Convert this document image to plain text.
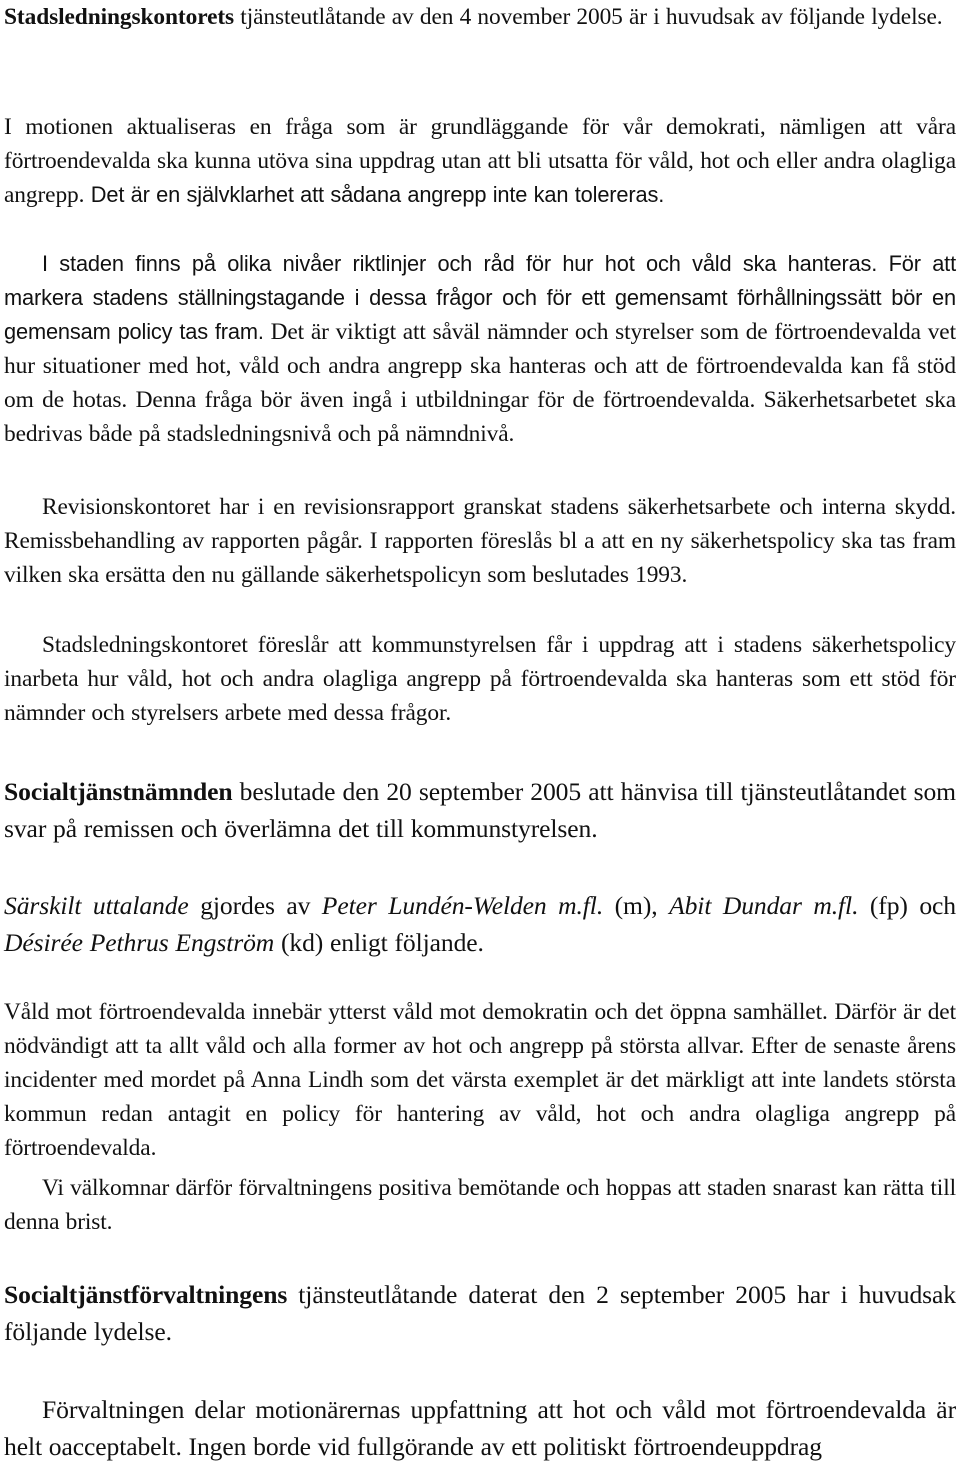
Stadsledningskontorets tjänsteutlåtande av den 4 november 2005 är i huvudsak av följande lydelse.

I motionen aktualiseras en fråga som är grundläggande för vår demokrati, nämligen att våra förtroendevalda ska kunna utöva sina uppdrag utan att bli utsatta för våld, hot och eller andra olagliga angrepp. Det är en självklarhet att sådana angrepp inte kan tolereras.

I staden finns på olika nivåer riktlinjer och råd för hur hot och våld ska hanteras. För att markera stadens ställningstagande i dessa frågor och för ett gemensamt förhållningssätt bör en gemensam policy tas fram. Det är viktigt att såväl nämnder och styrelser som de förtroendevalda vet hur situationer med hot, våld och andra angrepp ska hanteras och att de förtroendevalda kan få stöd om de hotas. Denna fråga bör även ingå i utbildningar för de förtroendevalda. Säkerhetsarbetet ska bedrivas både på stadsledningsnivå och på nämndnivå.

Revisionskontoret har i en revisionsrapport granskat stadens säkerhetsarbete och interna skydd. Remissbehandling av rapporten pågår. I rapporten föreslås bl a att en ny säkerhetspolicy ska tas fram vilken ska ersätta den nu gällande säkerhetspolicyn som beslutades 1993.

Stadsledningskontoret föreslår att kommunstyrelsen får i uppdrag att i stadens säkerhetspolicy inarbeta hur våld, hot och andra olagliga angrepp på förtroendevalda ska hanteras som ett stöd för nämnder och styrelsers arbete med dessa frågor.

Socialtjänstnämnden beslutade den 20 september 2005 att hänvisa till tjänsteutlåtandet som svar på remissen och överlämna det till kommunstyrelsen.

Särskilt uttalande gjordes av Peter Lundén-Welden m.fl. (m), Abit Dundar m.fl. (fp) och Désirée Pethrus Engström (kd) enligt följande.

Våld mot förtroendevalda innebär ytterst våld mot demokratin och det öppna samhället. Därför är det nödvändigt att ta allt våld och alla former av hot och angrepp på största allvar. Efter de senaste årens incidenter med mordet på Anna Lindh som det värsta exemplet är det märkligt att inte landets största kommun redan antagit en policy för hantering av våld, hot och andra olagliga angrepp på förtroendevalda.

Vi välkomnar därför förvaltningens positiva bemötande och hoppas att staden snarast kan rätta till denna brist.

Socialtjänstförvaltningens tjänsteutlåtande daterat den 2 september 2005 har i huvudsak följande lydelse.

Förvaltningen delar motionärernas uppfattning att hot och våld mot förtroendevalda är helt oacceptabelt. Ingen borde vid fullgörande av ett politiskt förtroendeuppdrag
